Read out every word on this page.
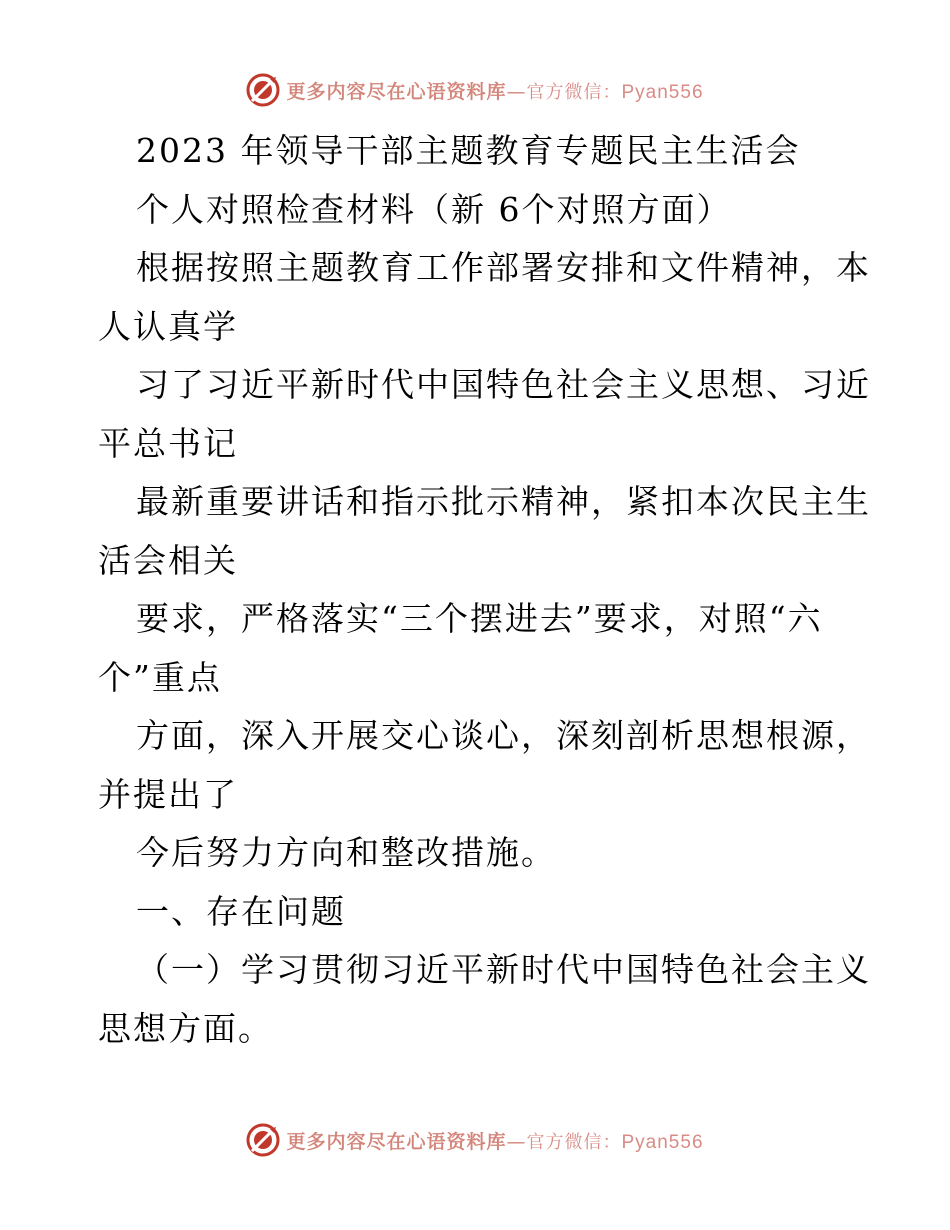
更多内容尽在心语资料库—官方微信：Pyan556
2023 年领导干部主题教育专题民主生活会
个人对照检查材料（新 6个对照方面）
根据按照主题教育工作部署安排和文件精神，本
人认真学
习了习近平新时代中国特色社会主义思想、习近
平总书记
最新重要讲话和指示批示精神，紧扣本次民主生
活会相关
要求，严格落实“三个摆进去”要求，对照“六
个”重点
方面，深入开展交心谈心，深刻剖析思想根源，
并提出了
今后努力方向和整改措施。
一、存在问题
（一）学习贯彻习近平新时代中国特色社会主义
思想方面。
更多内容尽在心语资料库—官方微信：Pyan556
